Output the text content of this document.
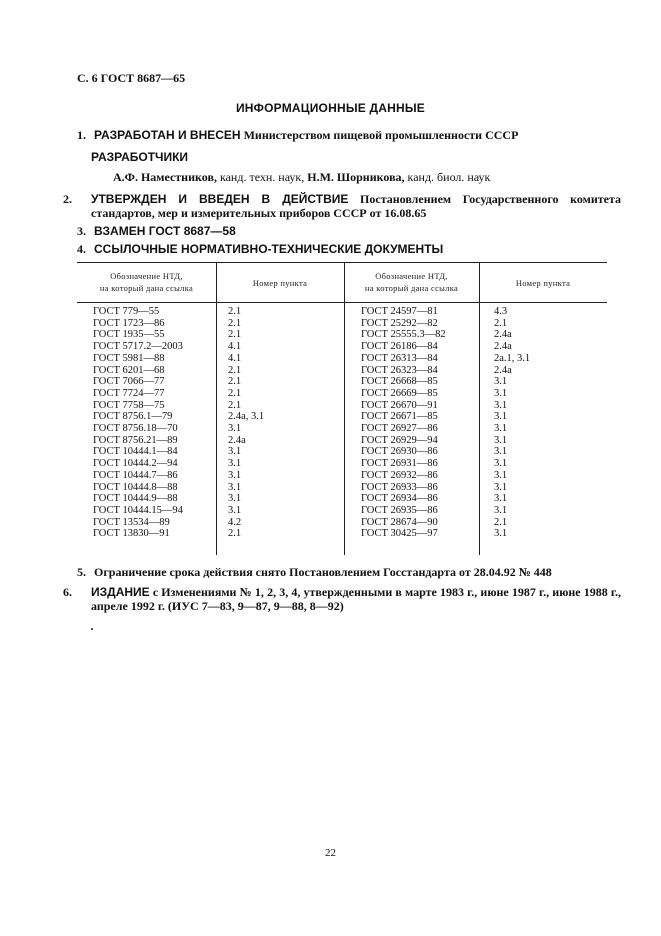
С. 6 ГОСТ 8687—65
ИНФОРМАЦИОННЫЕ ДАННЫЕ
1. РАЗРАБОТАН И ВНЕСЕН Министерством пищевой промышленности СССР
РАЗРАБОТЧИКИ
А.Ф. Наместников, канд. техн. наук, Н.М. Шорникова, канд. биол. наук
2. УТВЕРЖДЕН И ВВЕДЕН В ДЕЙСТВИЕ Постановлением Государственного комитета стандартов, мер и измерительных приборов СССР от 16.08.65
3. ВЗАМЕН ГОСТ 8687—58
4. ССЫЛОЧНЫЕ НОРМАТИВНО-ТЕХНИЧЕСКИЕ ДОКУМЕНТЫ
Обозначение НТД,
на который дана ссылка	Номер пункта
Обозначение НТД,
на который дана ссылка	Номер пункта
ГОСТ 779—55
ГОСТ 1723—86
ГОСТ 1935—55
ГОСТ 5717.2—2003
ГОСТ 5981—88
ГОСТ 6201—68
ГОСТ 7066—77
ГОСТ 7724—77
ГОСТ 7758—75
ГОСТ 8756.1—79
ГОСТ 8756.18—70
ГОСТ 8756.21—89
ГОСТ 10444.1—84
ГОСТ 10444.2—94
ГОСТ 10444.7—86
ГОСТ 10444.8—88
ГОСТ 10444.9—88
ГОСТ 10444.15—94
ГОСТ 13534—89
ГОСТ 13830—91
2.1
2.1
2.1
4.1
4.1
2.1
2.1
2.1
2.1
2.4а, 3.1
3.1
2.4а
3.1
3.1
3.1
3.1
3.1
3.1
4.2
2.1
ГОСТ 24597—81
ГОСТ 25292—82
ГОСТ 25555.3—82
ГОСТ 26186—84
ГОСТ 26313—84
ГОСТ 26323—84
ГОСТ 26668—85
ГОСТ 26669—85
ГОСТ 26670—91
ГОСТ 26671—85
ГОСТ 26927—86
ГОСТ 26929—94
ГОСТ 26930—86
ГОСТ 26931—86
ГОСТ 26932—86
ГОСТ 26933—86
ГОСТ 26934—86
ГОСТ 26935—86
ГОСТ 28674—90
ГОСТ 30425—97
4.3
2.1
2.4а
2.4а
2а.1, 3.1
2.4а
3.1
3.1
3.1
3.1
3.1
3.1
3.1
3.1
3.1
3.1
3.1
3.1
2.1
3.1
5. Ограничение срока действия снято Постановлением Госстандарта от 28.04.92 № 448
6. ИЗДАНИЕ с Изменениями № 1, 2, 3, 4, утвержденными в марте 1983 г., июне 1987 г., июне 1988 г., апреле 1992 г. (ИУС 7—83, 9—87, 9—88, 8—92)
22
